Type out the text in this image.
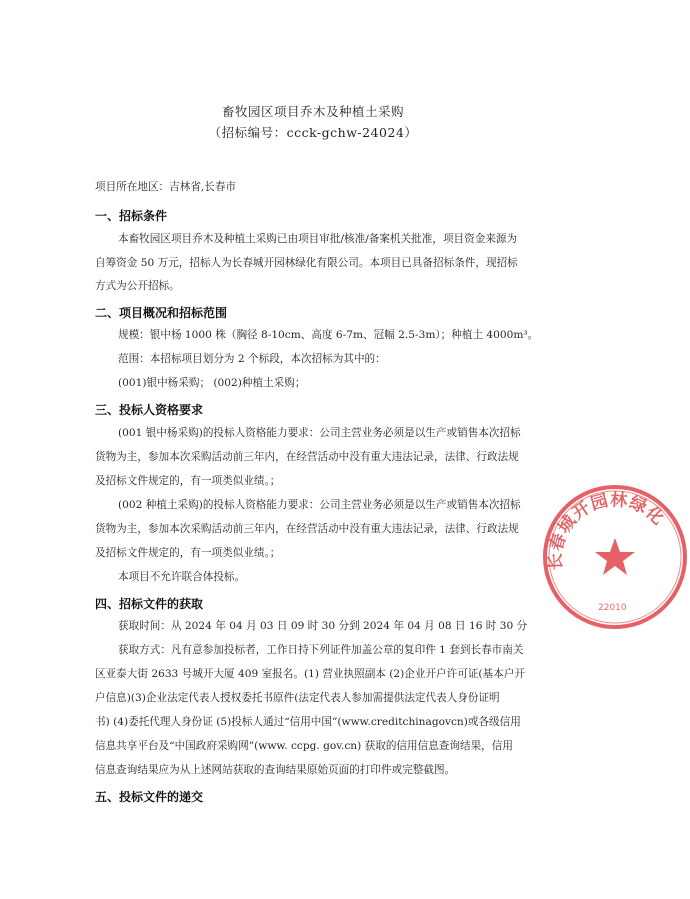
畜牧园区项目乔木及种植土采购
（招标编号：ccck-gchw-24024）
项目所在地区：吉林省,长春市
一、招标条件
本畜牧园区项目乔木及种植土采购已由项目审批/核准/备案机关批准，项目资金来源为
自筹资金 50 万元，招标人为长春城开园林绿化有限公司。本项目已具备招标条件，现招标
方式为公开招标。
二、项目概况和招标范围
规模：银中杨 1000 株（胸径 8-10cm、高度 6-7m、冠幅 2.5-3m）；种植土 4000m³。
范围：本招标项目划分为 2 个标段，本次招标为其中的：
(001)银中杨采购； (002)种植土采购；
三、投标人资格要求
(001 银中杨采购)的投标人资格能力要求：公司主营业务必须是以生产或销售本次招标
货物为主，参加本次采购活动前三年内，在经营活动中没有重大违法记录，法律、行政法规
及招标文件规定的，有一项类似业绩。；
(002 种植土采购)的投标人资格能力要求：公司主营业务必须是以生产或销售本次招标
货物为主，参加本次采购活动前三年内，在经营活动中没有重大违法记录，法律、行政法规
及招标文件规定的，有一项类似业绩。；
本项目不允许联合体投标。
四、招标文件的获取
获取时间：从 2024 年 04 月 03 日 09 时 30 分到 2024 年 04 月 08 日 16 时 30 分
获取方式：凡有意参加投标者，工作日持下列证件加盖公章的复印件 1 套到长春市南关
区亚泰大街 2633 号城开大厦 409 室报名。(1) 营业执照副本 (2)企业开户许可证(基本户开
户信息)(3)企业法定代表人授权委托书原件(法定代表人参加需提供法定代表人身份证明
书) (4)委托代理人身份证 (5)投标人通过“信用中国”(www.creditchinagovcn)或各级信用
信息共享平台及“中国政府采购网”(www. ccpg. gov.cn) 获取的信用信息查询结果，信用
信息查询结果应为从上述网站获取的查询结果原始页面的打印件或完整截图。
五、投标文件的递交
长春城开园林绿化
22010
